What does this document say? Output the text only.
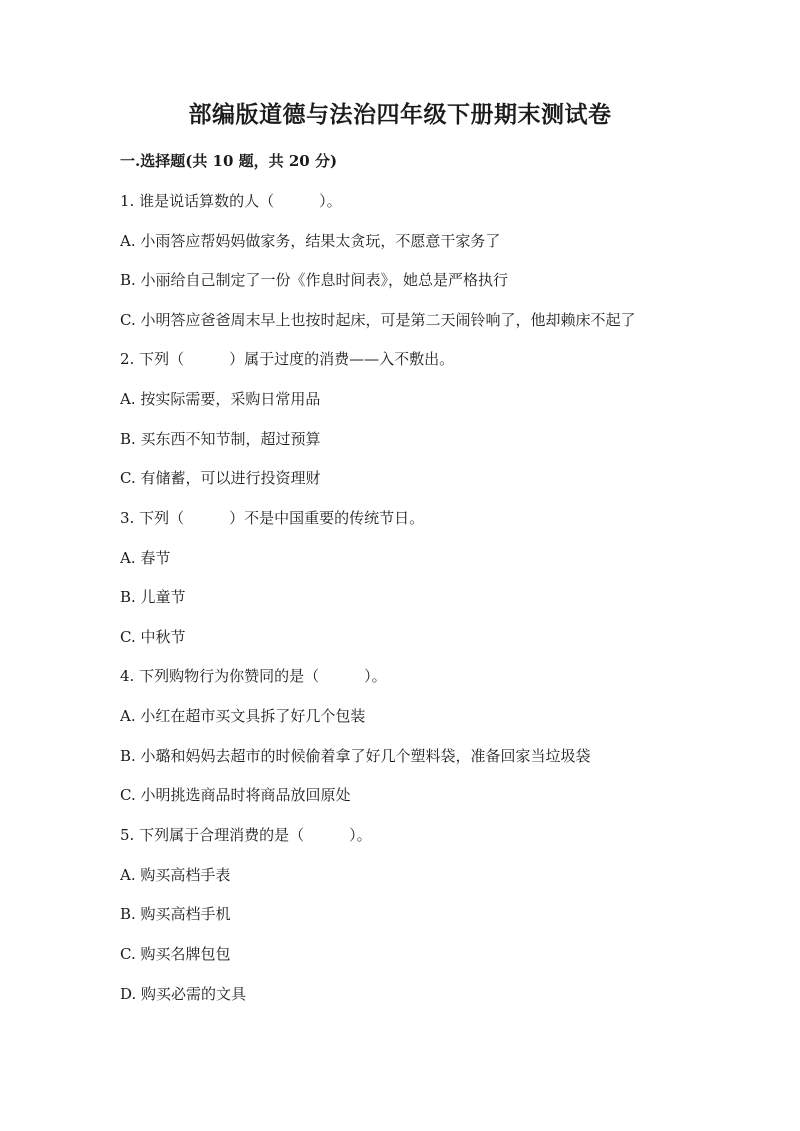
部编版道德与法治四年级下册期末测试卷
一.选择题(共 10 题，共 20 分)
1. 谁是说话算数的人（　　　）。
A. 小雨答应帮妈妈做家务，结果太贪玩，不愿意干家务了
B. 小丽给自己制定了一份《作息时间表》，她总是严格执行
C. 小明答应爸爸周末早上也按时起床，可是第二天闹铃响了，他却赖床不起了
2. 下列（　　　）属于过度的消费——入不敷出。
A. 按实际需要，采购日常用品
B. 买东西不知节制，超过预算
C. 有储蓄，可以进行投资理财
3. 下列（　　　）不是中国重要的传统节日。
A. 春节
B. 儿童节
C. 中秋节
4. 下列购物行为你赞同的是（　　　）。
A. 小红在超市买文具拆了好几个包装
B. 小璐和妈妈去超市的时候偷着拿了好几个塑料袋，准备回家当垃圾袋
C. 小明挑选商品时将商品放回原处
5. 下列属于合理消费的是（　　　）。
A. 购买高档手表
B. 购买高档手机
C. 购买名牌包包
D. 购买必需的文具
